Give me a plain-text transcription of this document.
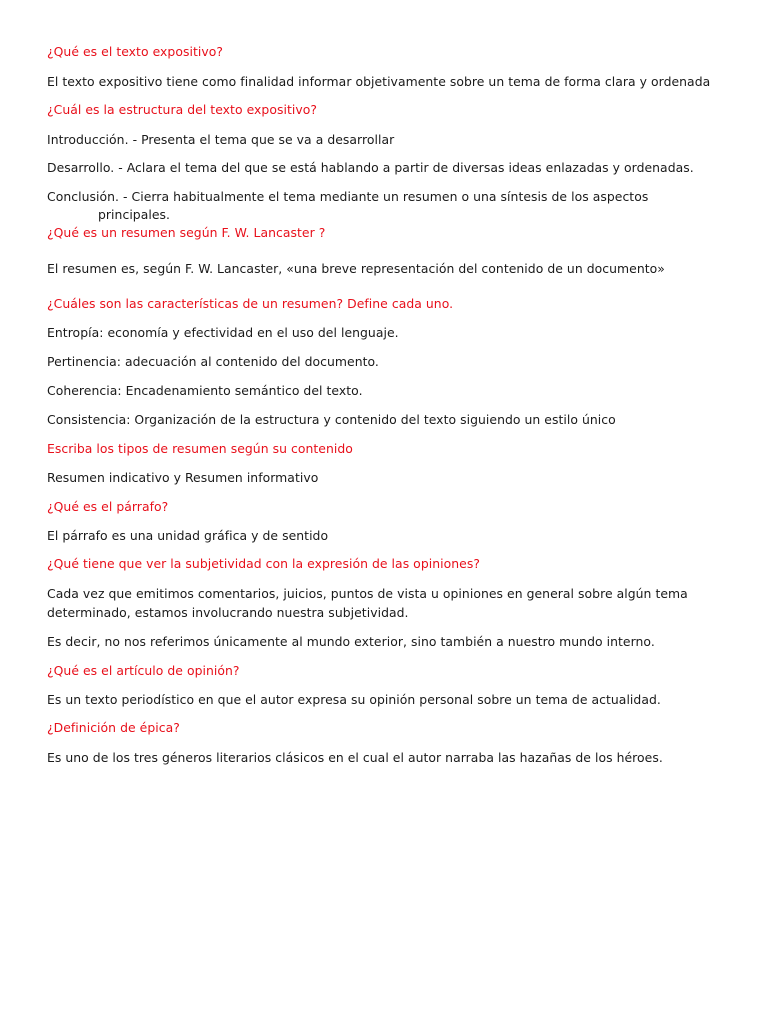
¿Qué es el texto expositivo?
El texto expositivo tiene como finalidad informar objetivamente sobre un tema de forma clara y ordenada
¿Cuál es la estructura del texto expositivo?
Introducción. - Presenta el tema que se va a desarrollar
Desarrollo. - Aclara el tema del que se está hablando a partir de diversas ideas enlazadas y ordenadas.
Conclusión. - Cierra habitualmente el tema mediante un resumen o una síntesis de los aspectos
principales.
¿Qué es un resumen según F. W. Lancaster ?
El resumen es, según F. W. Lancaster, «una breve representación del contenido de un documento»
¿Cuáles son las características de un resumen? Define cada uno.
Entropía: economía y efectividad en el uso del lenguaje.
Pertinencia: adecuación al contenido del documento.
Coherencia: Encadenamiento semántico del texto.
Consistencia: Organización de la estructura y contenido del texto siguiendo un estilo único
Escriba los tipos de resumen según su contenido
Resumen indicativo y Resumen informativo
¿Qué es el párrafo?
El párrafo es una unidad gráfica y de sentido
¿Qué tiene que ver la subjetividad con la expresión de las opiniones?
Cada vez que emitimos comentarios, juicios, puntos de vista u opiniones en general sobre algún tema
determinado, estamos involucrando nuestra subjetividad.
Es decir, no nos referimos únicamente al mundo exterior, sino también a nuestro mundo interno.
¿Qué es el artículo de opinión?
Es un texto periodístico en que el autor expresa su opinión personal sobre un tema de actualidad.
¿Definición de épica?
Es uno de los tres géneros literarios clásicos en el cual el autor narraba las hazañas de los héroes.
